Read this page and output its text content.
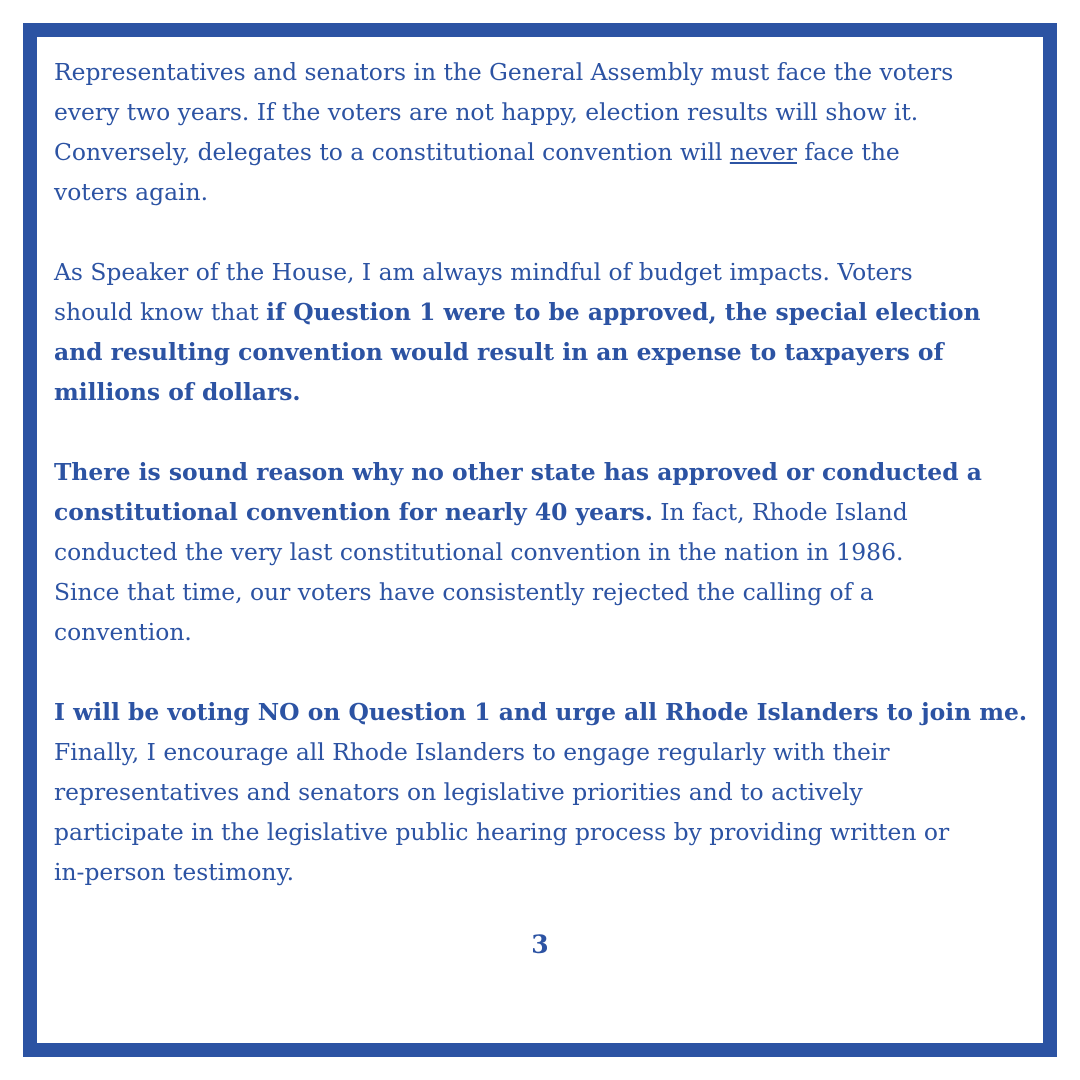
Representatives and senators in the General Assembly must face the voters
every two years. If the voters are not happy, election results will show it.
Conversely, delegates to a constitutional convention will never face the
voters again.

As Speaker of the House, I am always mindful of budget impacts. Voters
should know that if Question 1 were to be approved, the special election
and resulting convention would result in an expense to taxpayers of
millions of dollars.

There is sound reason why no other state has approved or conducted a
constitutional convention for nearly 40 years. In fact, Rhode Island
conducted the very last constitutional convention in the nation in 1986.
Since that time, our voters have consistently rejected the calling of a
convention.

I will be voting NO on Question 1 and urge all Rhode Islanders to join me.
Finally, I encourage all Rhode Islanders to engage regularly with their
representatives and senators on legislative priorities and to actively
participate in the legislative public hearing process by providing written or
in-person testimony.

3
